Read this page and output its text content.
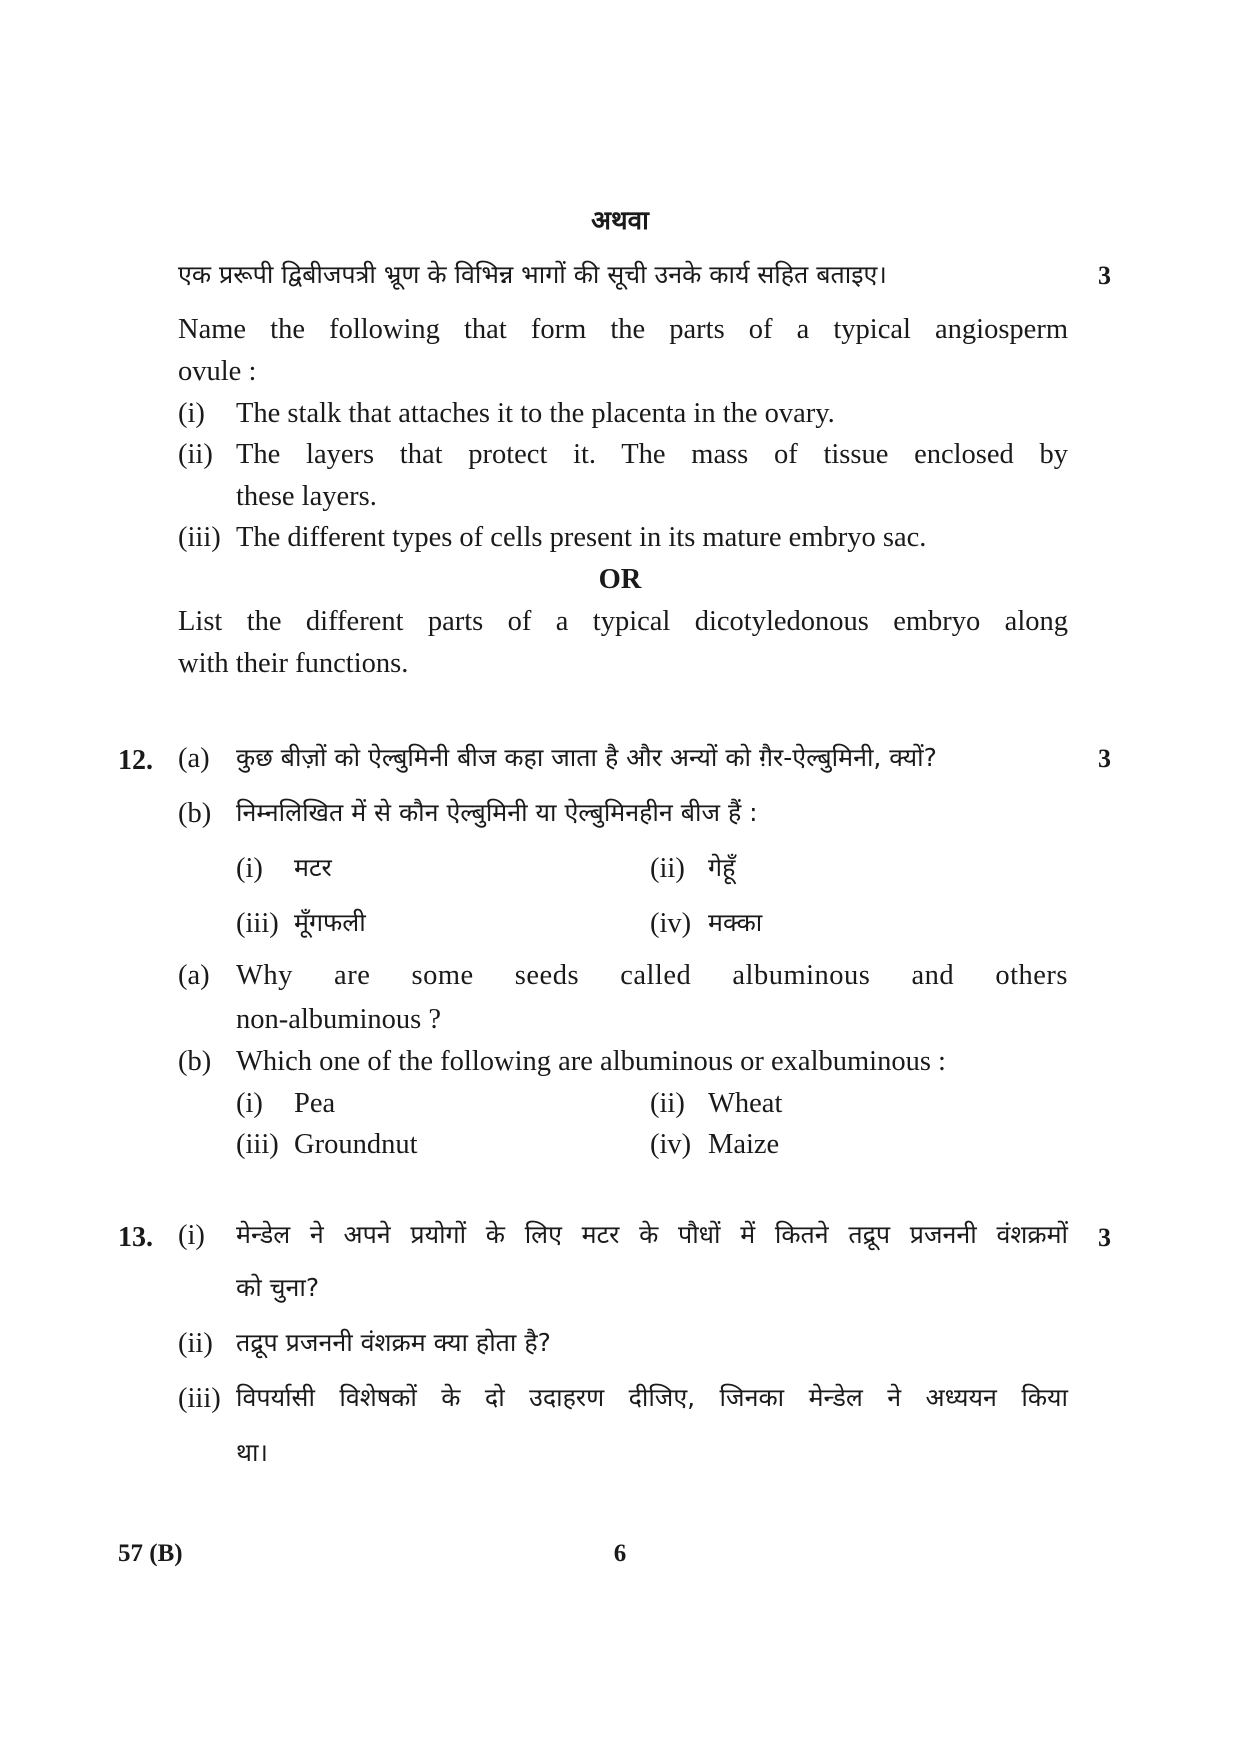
अथवा
एक प्ररूपी द्विबीजपत्री भ्रूण के विभिन्न भागों की सूची उनके कार्य सहित बताइए।	3
Name the following that form the parts of a typical angiosperm
ovule :
(i) The stalk that attaches it to the placenta in the ovary.
(ii) The layers that protect it. The mass of tissue enclosed by
these layers.
(iii) The different types of cells present in its mature embryo sac.
OR
List the different parts of a typical dicotyledonous embryo along
with their functions.
12. (a) कुछ बीज़ों को ऐल्बुमिनी बीज कहा जाता है और अन्यों को ग़ैर-ऐल्बुमिनी, क्यों?	3
(b) निम्नलिखित में से कौन ऐल्बुमिनी या ऐल्बुमिनहीन बीज हैं :
(i) मटर	(ii) गेहूँ
(iii) मूँगफली	(iv) मक्का
(a) Why are some seeds called albuminous and others
non-albuminous ?
(b) Which one of the following are albuminous or exalbuminous :
(i) Pea	(ii) Wheat
(iii) Groundnut	(iv) Maize
13. (i) मेन्डेल ने अपने प्रयोगों के लिए मटर के पौधों में कितने तद्रूप प्रजननी वंशक्रमों 3
को चुना?
(ii) तद्रूप प्रजननी वंशक्रम क्या होता है?
(iii) विपर्यासी विशेषकों के दो उदाहरण दीजिए, जिनका मेन्डेल ने अध्ययन किया
था।
57 (B)	6
